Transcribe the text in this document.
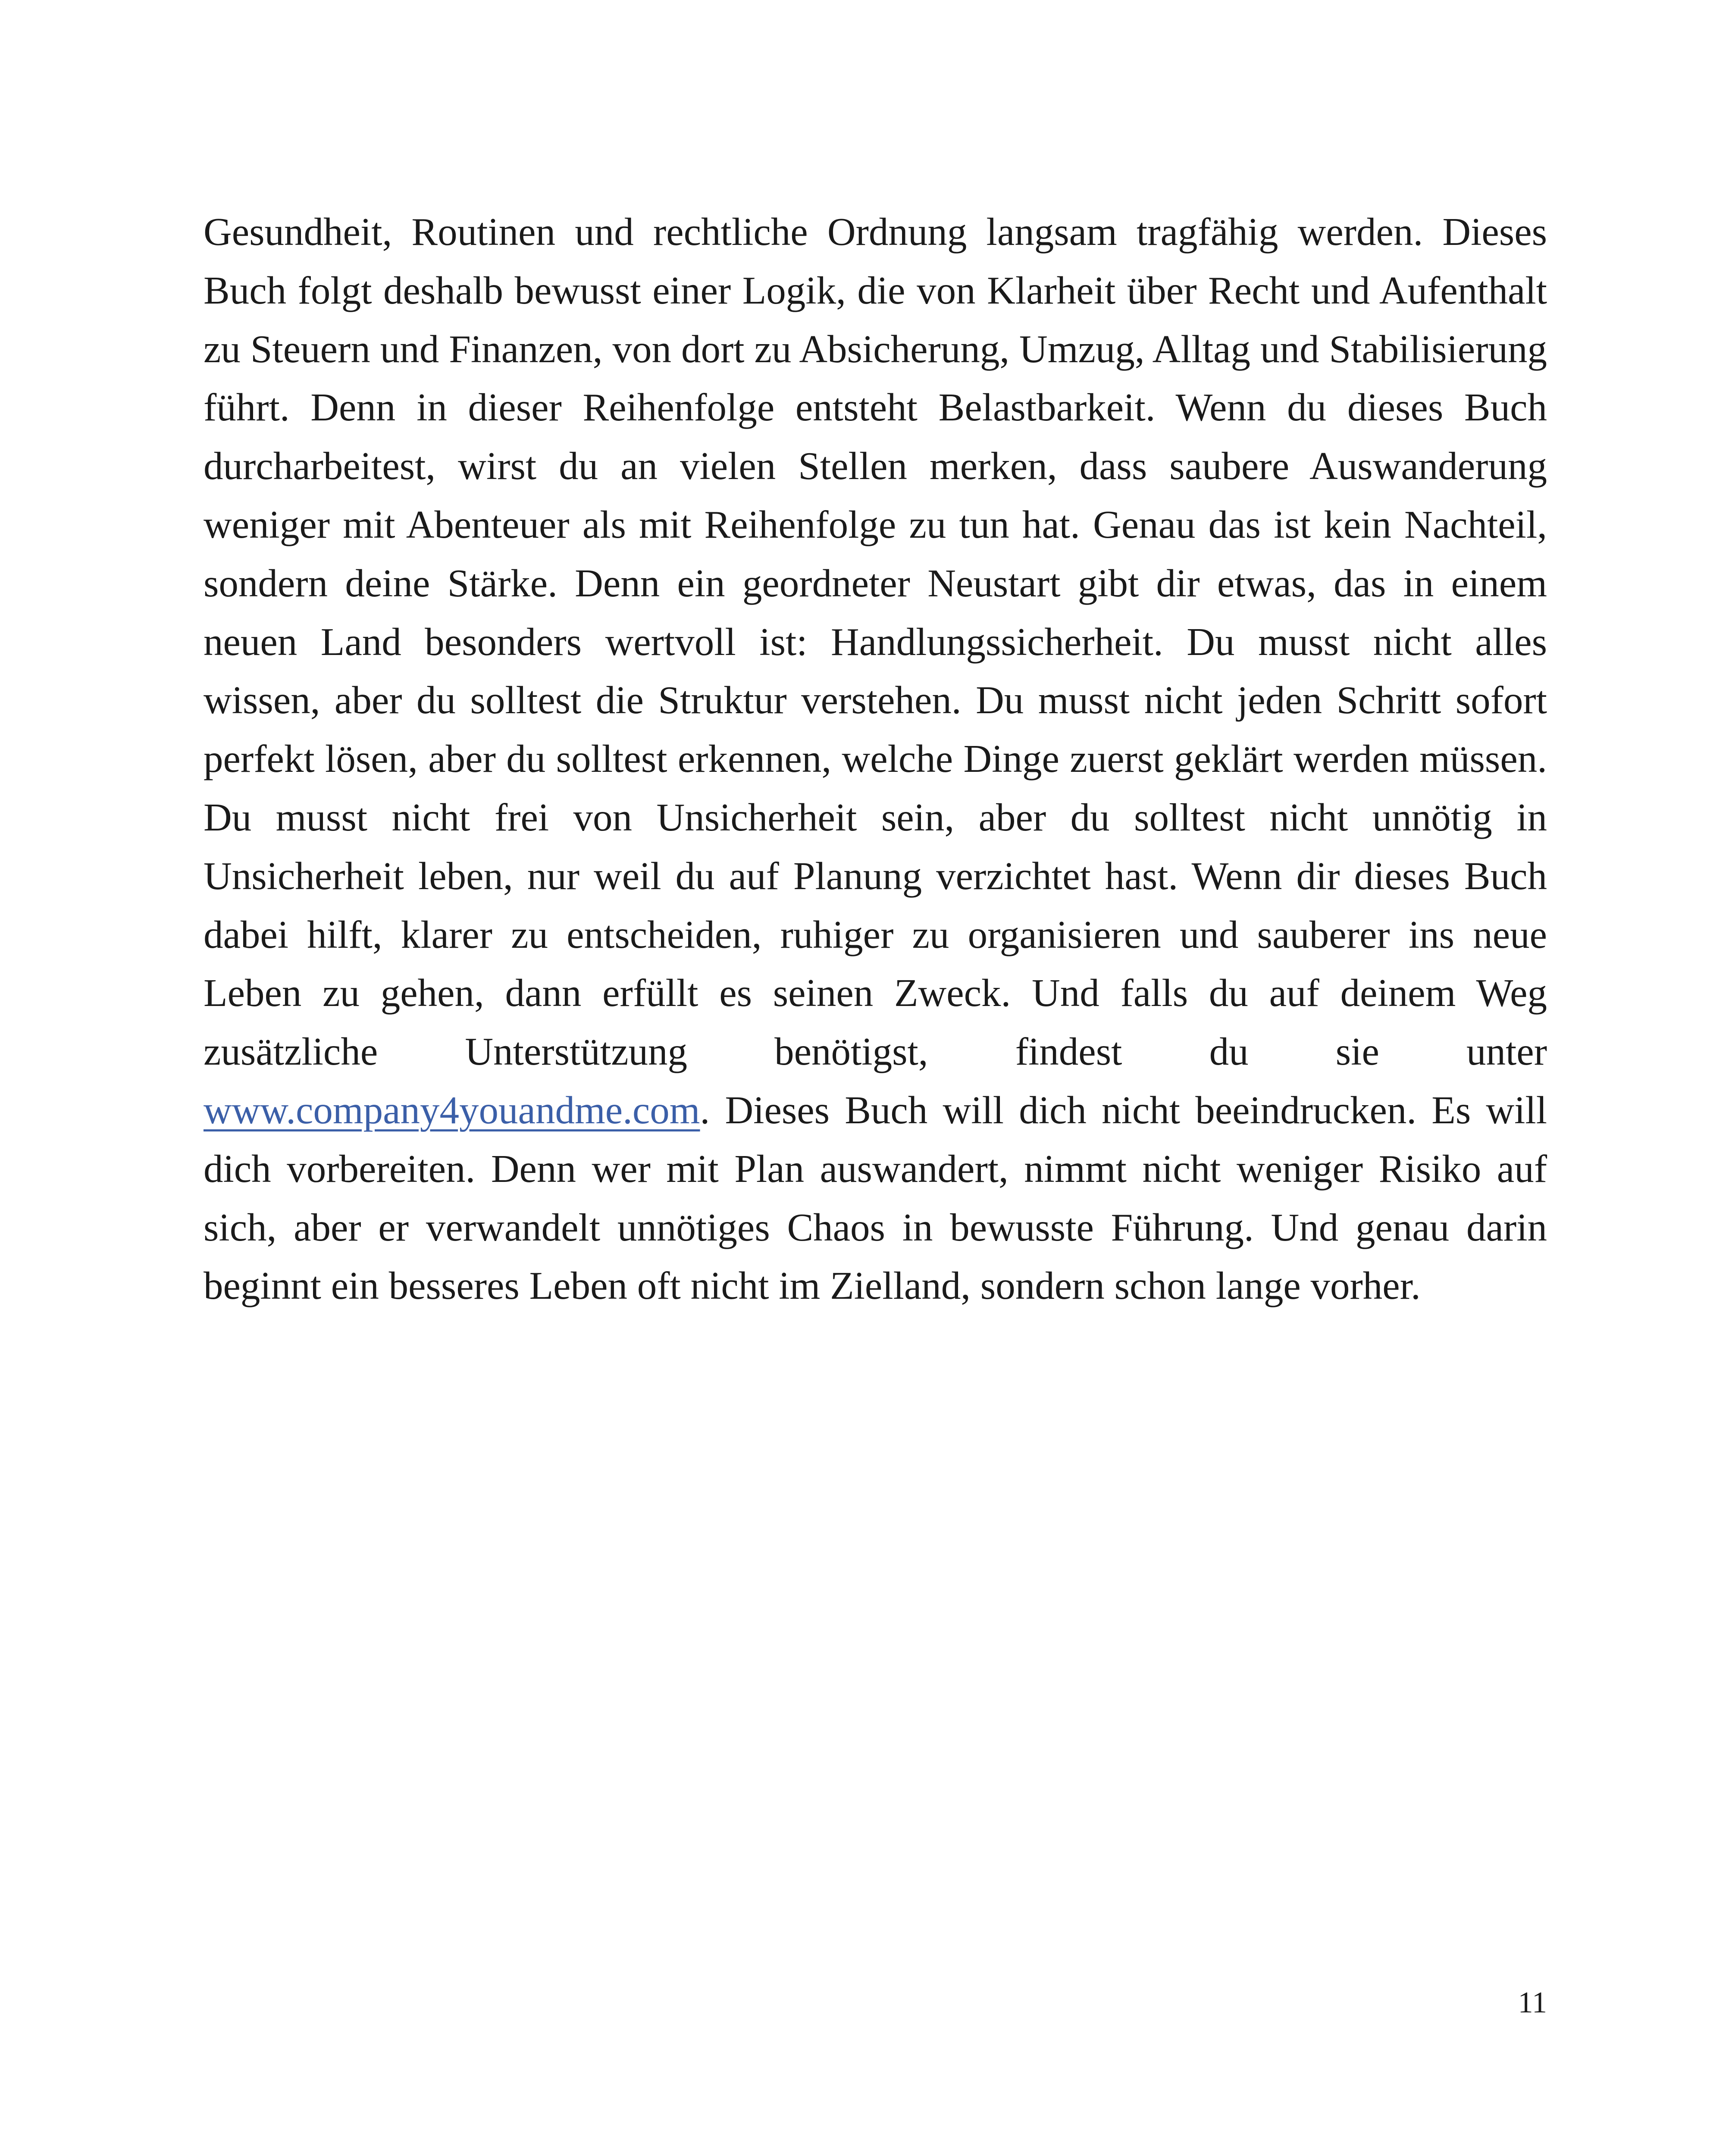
Gesundheit, Routinen und rechtliche Ordnung langsam tragfähig werden. Dieses Buch folgt deshalb bewusst einer Logik, die von Klarheit über Recht und Aufenthalt zu Steuern und Finanzen, von dort zu Absicherung, Umzug, Alltag und Stabilisierung führt. Denn in dieser Reihenfolge entsteht Belastbarkeit. Wenn du dieses Buch durcharbeitest, wirst du an vielen Stellen merken, dass saubere Auswanderung weniger mit Abenteuer als mit Reihenfolge zu tun hat. Genau das ist kein Nachteil, sondern deine Stärke. Denn ein geordneter Neustart gibt dir etwas, das in einem neuen Land besonders wertvoll ist: Handlungssicherheit. Du musst nicht alles wissen, aber du solltest die Struktur verstehen. Du musst nicht jeden Schritt sofort perfekt lösen, aber du solltest erkennen, welche Dinge zuerst geklärt werden müssen. Du musst nicht frei von Unsicherheit sein, aber du solltest nicht unnötig in Unsicherheit leben, nur weil du auf Planung verzichtet hast. Wenn dir dieses Buch dabei hilft, klarer zu entscheiden, ruhiger zu organisieren und sauberer ins neue Leben zu gehen, dann erfüllt es seinen Zweck. Und falls du auf deinem Weg zusätzliche Unterstützung benötigst, findest du sie unter www.company4youandme.com. Dieses Buch will dich nicht beeindrucken. Es will dich vorbereiten. Denn wer mit Plan auswandert, nimmt nicht weniger Risiko auf sich, aber er verwandelt unnötiges Chaos in bewusste Führung. Und genau darin beginnt ein besseres Leben oft nicht im Zielland, sondern schon lange vorher.

11
